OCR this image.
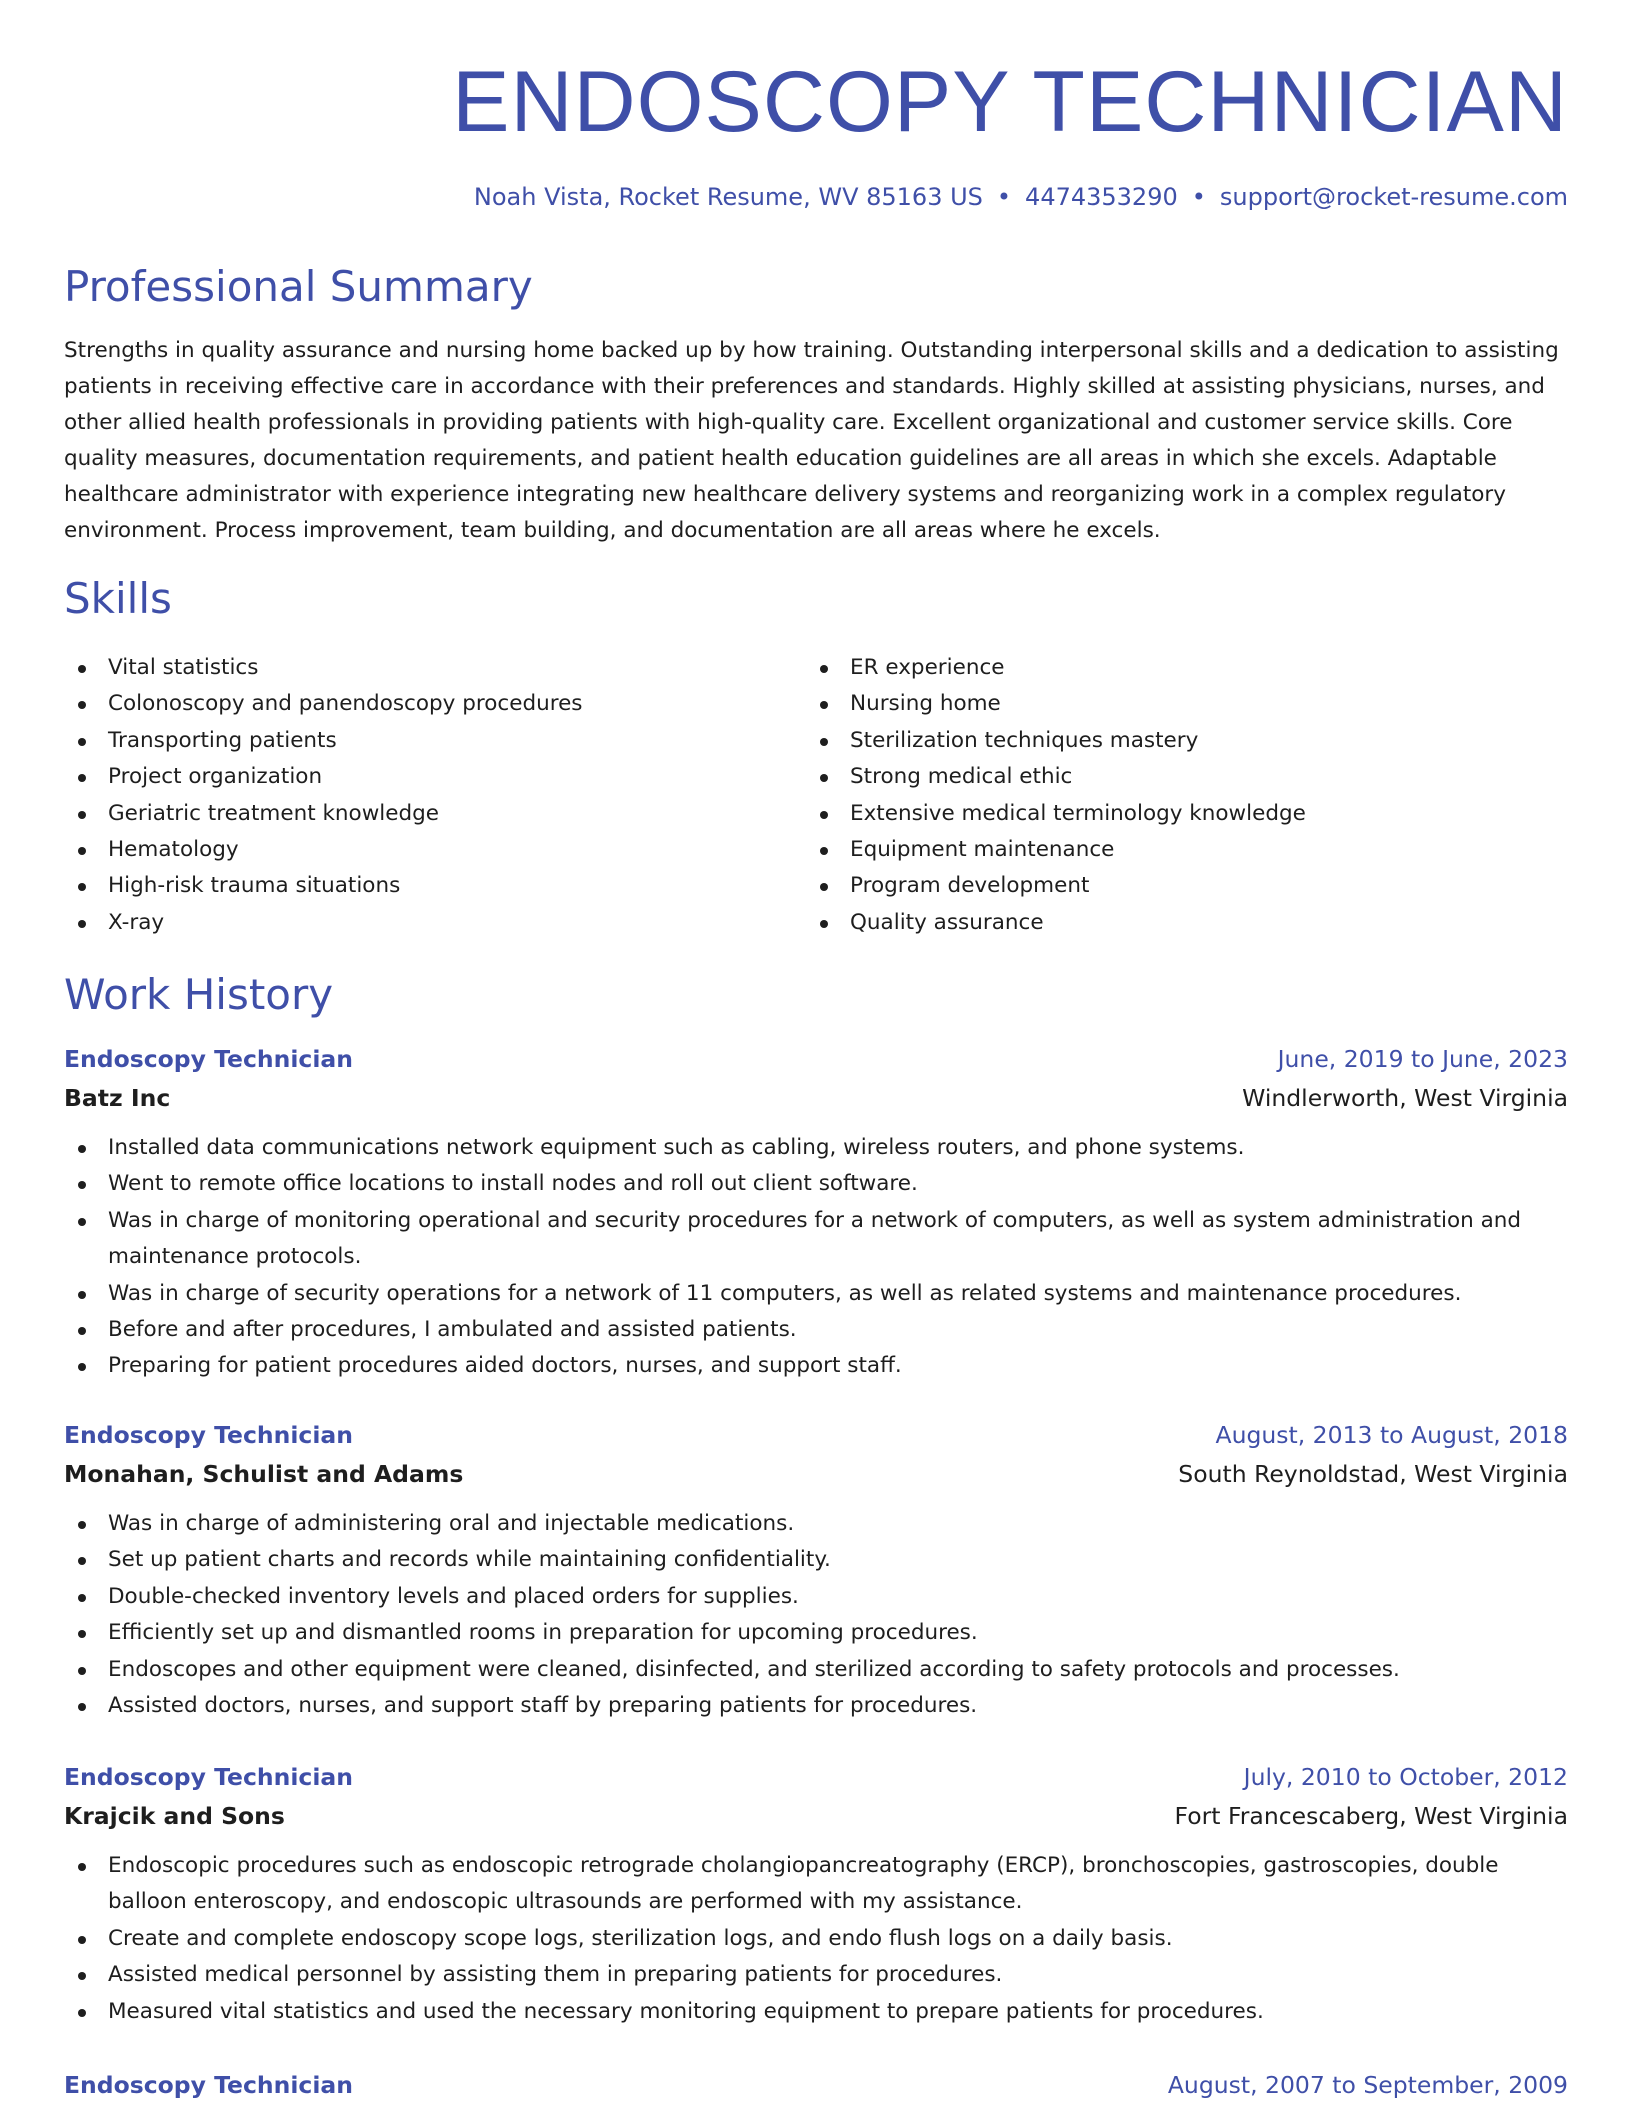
ENDOSCOPY TECHNICIAN
Noah Vista, Rocket Resume, WV 85163 US • 4474353290 • support@rocket-resume.com
Professional Summary

Strengths in quality assurance and nursing home backed up by how training. Outstanding interpersonal skills and a dedication to assisting patients in receiving effective care in accordance with their preferences and standards. Highly skilled at assisting physicians, nurses, and other allied health professionals in providing patients with high-quality care. Excellent organizational and customer service skills. Core quality measures, documentation requirements, and patient health education guidelines are all areas in which she excels. Adaptable healthcare administrator with experience integrating new healthcare delivery systems and reorganizing work in a complex regulatory environment. Process improvement, team building, and documentation are all areas where he excels.

Skills
Vital statistics
Colonoscopy and panendoscopy procedures
Transporting patients
Project organization
Geriatric treatment knowledge
Hematology
High-risk trauma situations
X-ray
ER experience
Nursing home
Sterilization techniques mastery
Strong medical ethic
Extensive medical terminology knowledge
Equipment maintenance
Program development
Quality assurance
Work History
Endoscopy Technician	June, 2019 to June, 2023
Batz Inc	Windlerworth, West Virginia
Installed data communications network equipment such as cabling, wireless routers, and phone systems.
Went to remote office locations to install nodes and roll out client software.
Was in charge of monitoring operational and security procedures for a network of computers, as well as system administration and maintenance protocols.
Was in charge of security operations for a network of 11 computers, as well as related systems and maintenance procedures.
Before and after procedures, I ambulated and assisted patients.
Preparing for patient procedures aided doctors, nurses, and support staff.
Endoscopy Technician	August, 2013 to August, 2018
Monahan, Schulist and Adams	South Reynoldstad, West Virginia
Was in charge of administering oral and injectable medications.
Set up patient charts and records while maintaining confidentiality.
Double-checked inventory levels and placed orders for supplies.
Efficiently set up and dismantled rooms in preparation for upcoming procedures.
Endoscopes and other equipment were cleaned, disinfected, and sterilized according to safety protocols and processes.
Assisted doctors, nurses, and support staff by preparing patients for procedures.
Endoscopy Technician	July, 2010 to October, 2012
Krajcik and Sons	Fort Francescaberg, West Virginia
Endoscopic procedures such as endoscopic retrograde cholangiopancreatography (ERCP), bronchoscopies, gastroscopies, double balloon enteroscopy, and endoscopic ultrasounds are performed with my assistance.
Create and complete endoscopy scope logs, sterilization logs, and endo flush logs on a daily basis.
Assisted medical personnel by assisting them in preparing patients for procedures.
Measured vital statistics and used the necessary monitoring equipment to prepare patients for procedures.
Endoscopy Technician	August, 2007 to September, 2009
